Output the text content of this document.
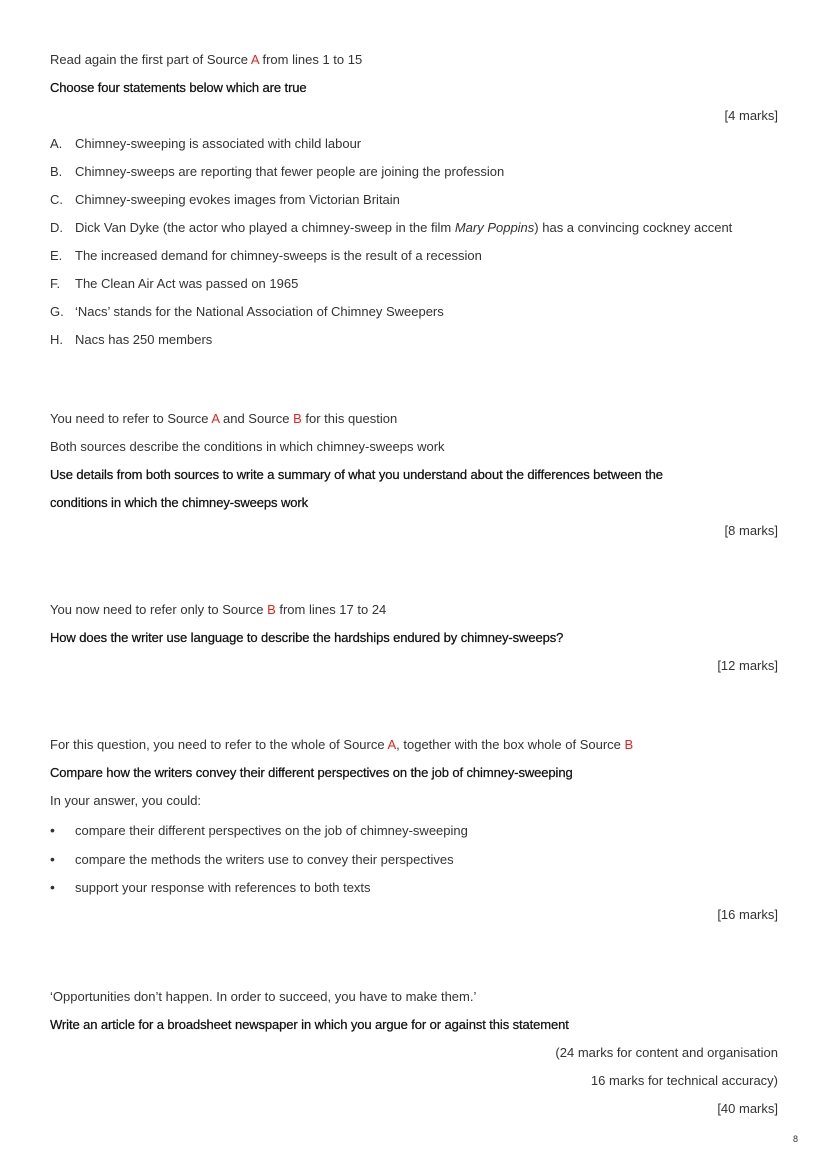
Read again the first part of Source A from lines 1 to 15
Choose four statements below which are true
[4 marks]
A. Chimney-sweeping is associated with child labour
B. Chimney-sweeps are reporting that fewer people are joining the profession
C. Chimney-sweeping evokes images from Victorian Britain
D. Dick Van Dyke (the actor who played a chimney-sweep in the film Mary Poppins) has a convincing cockney accent
E. The increased demand for chimney-sweeps is the result of a recession
F. The Clean Air Act was passed on 1965
G. ‘Nacs’ stands for the National Association of Chimney Sweepers
H. Nacs has 250 members
You need to refer to Source A and Source B for this question
Both sources describe the conditions in which chimney-sweeps work
Use details from both sources to write a summary of what you understand about the differences between the
conditions in which the chimney-sweeps work
[8 marks]
You now need to refer only to Source B from lines 17 to 24
How does the writer use language to describe the hardships endured by chimney-sweeps?
[12 marks]
For this question, you need to refer to the whole of Source A, together with the box whole of Source B
Compare how the writers convey their different perspectives on the job of chimney-sweeping
In your answer, you could:
• compare their different perspectives on the job of chimney-sweeping
• compare the methods the writers use to convey their perspectives
• support your response with references to both texts
[16 marks]
‘Opportunities don’t happen. In order to succeed, you have to make them.’
Write an article for a broadsheet newspaper in which you argue for or against this statement
(24 marks for content and organisation
16 marks for technical accuracy)
[40 marks]
8
